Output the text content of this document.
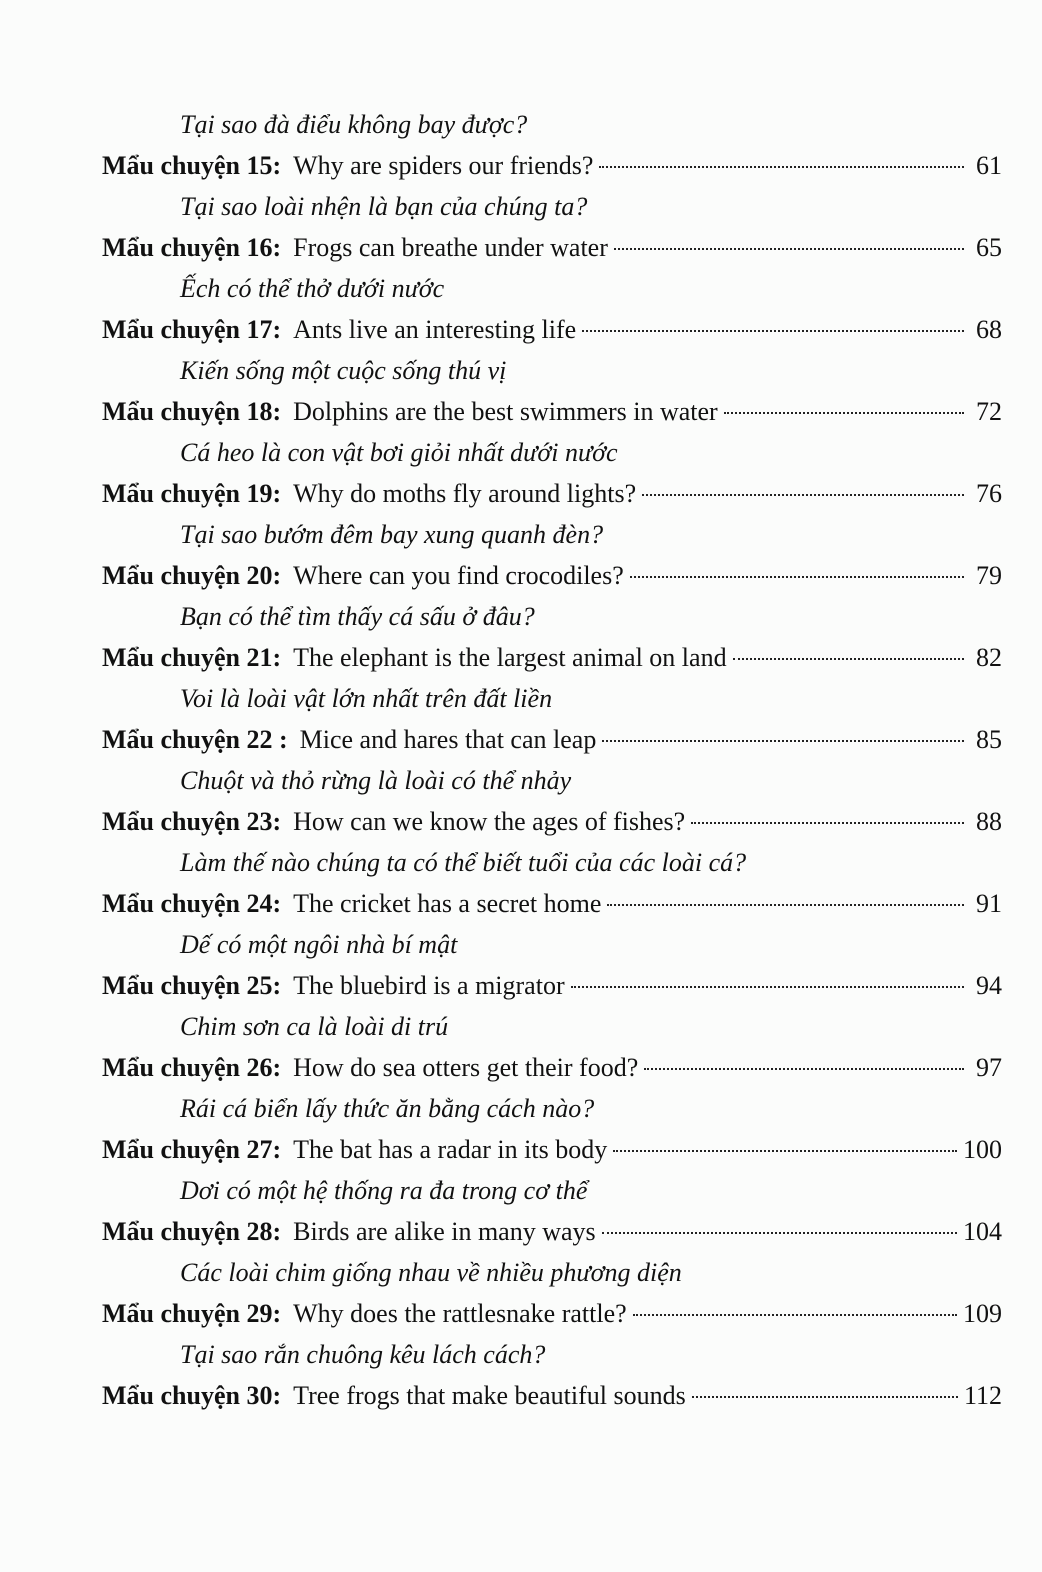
Tại sao đà điểu không bay được?
Mẩu chuyện 15: Why are spiders our friends?	61
Tại sao loài nhện là bạn của chúng ta?
Mẩu chuyện 16: Frogs can breathe under water	65
Ếch có thể thở dưới nước
Mẩu chuyện 17: Ants live an interesting life	68
Kiến sống một cuộc sống thú vị
Mẩu chuyện 18: Dolphins are the best swimmers in water	72
Cá heo là con vật bơi giỏi nhất dưới nước
Mẩu chuyện 19: Why do moths fly around lights?	76
Tại sao bướm đêm bay xung quanh đèn?
Mẩu chuyện 20: Where can you find crocodiles?	79
Bạn có thể tìm thấy cá sấu ở đâu?
Mẩu chuyện 21: The elephant is the largest animal on land	82
Voi là loài vật lớn nhất trên đất liền
Mẩu chuyện 22 : Mice and hares that can leap	85
Chuột và thỏ rừng là loài có thể nhảy
Mẩu chuyện 23: How can we know the ages of fishes?	88
Làm thế nào chúng ta có thể biết tuổi của các loài cá?
Mẩu chuyện 24: The cricket has a secret home	91
Dế có một ngôi nhà bí mật
Mẩu chuyện 25: The bluebird is a migrator	94
Chim sơn ca là loài di trú
Mẩu chuyện 26: How do sea otters get their food?	97
Rái cá biển lấy thức ăn bằng cách nào?
Mẩu chuyện 27: The bat has a radar in its body	100
Dơi có một hệ thống ra đa trong cơ thể
Mẩu chuyện 28: Birds are alike in many ways	104
Các loài chim giống nhau về nhiều phương diện
Mẩu chuyện 29: Why does the rattlesnake rattle?	109
Tại sao rắn chuông kêu lách cách?
Mẩu chuyện 30: Tree frogs that make beautiful sounds	112
